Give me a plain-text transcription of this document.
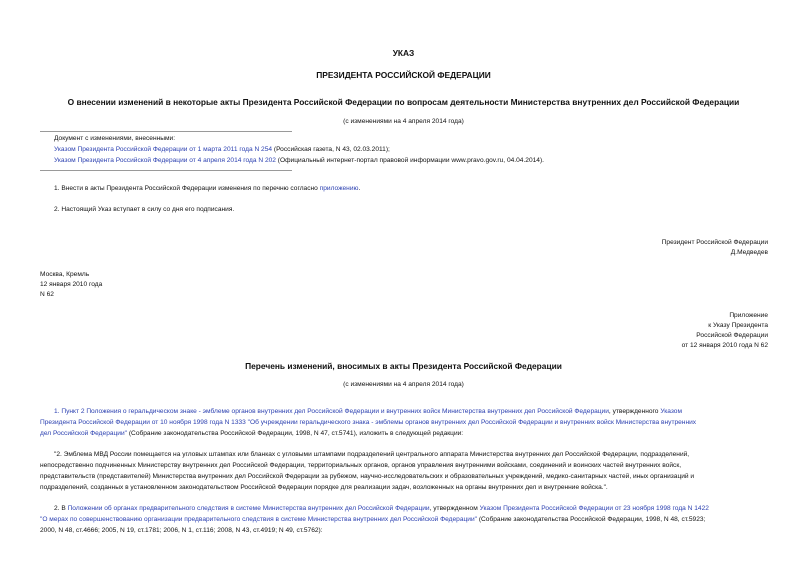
УКАЗ
ПРЕЗИДЕНТА РОССИЙСКОЙ ФЕДЕРАЦИИ
О внесении изменений в некоторые акты Президента Российской Федерации по вопросам деятельности Министерства внутренних дел Российской Федерации
(с изменениями на 4 апреля 2014 года)
Документ с изменениями, внесенными:
Указом Президента Российской Федерации от 1 марта 2011 года N 254 (Российская газета, N 43, 02.03.2011);
Указом Президента Российской Федерации от 4 апреля 2014 года N 202 (Официальный интернет-портал правовой информации www.pravo.gov.ru, 04.04.2014).
1. Внести в акты Президента Российской Федерации изменения по перечню согласно приложению.
2. Настоящий Указ вступает в силу со дня его подписания.
Президент Российской Федерации
Д.Медведев
Москва, Кремль
12 января 2010 года
N 62
Приложение
к Указу Президента
Российской Федерации
от 12 января 2010 года N 62
Перечень изменений, вносимых в акты Президента Российской Федерации
(с изменениями на 4 апреля 2014 года)
1. Пункт 2 Положения о геральдическом знаке - эмблеме органов внутренних дел Российской Федерации и внутренних войск Министерства внутренних дел Российской Федерации, утвержденного Указом
Президента Российской Федерации от 10 ноября 1998 года N 1333 "Об учреждении геральдического знака - эмблемы органов внутренних дел Российской Федерации и внутренних войск Министерства внутренних
дел Российской Федерации" (Собрание законодательства Российской Федерации, 1998, N 47, ст.5741), изложить в следующей редакции:
"2. Эмблема МВД России помещается на угловых штампах или бланках с угловыми штампами подразделений центрального аппарата Министерства внутренних дел Российской Федерации, подразделений,
непосредственно подчиненных Министерству внутренних дел Российской Федерации, территориальных органов, органов управления внутренними войсками, соединений и воинских частей внутренних войск,
представительств (представителей) Министерства внутренних дел Российской Федерации за рубежом, научно-исследовательских и образовательных учреждений, медико-санитарных частей, иных организаций и
подразделений, созданных в установленном законодательством Российской Федерации порядке для реализации задач, возложенных на органы внутренних дел и внутренние войска.".
2. В Положении об органах предварительного следствия в системе Министерства внутренних дел Российской Федерации, утвержденном Указом Президента Российской Федерации от 23 ноября 1998 года N 1422
"О мерах по совершенствованию организации предварительного следствия в системе Министерства внутренних дел Российской Федерации" (Собрание законодательства Российской Федерации, 1998, N 48, ст.5923;
2000, N 48, ст.4666; 2005, N 19, ст.1781; 2006, N 1, ст.116; 2008, N 43, ст.4919; N 49, ст.5762):
